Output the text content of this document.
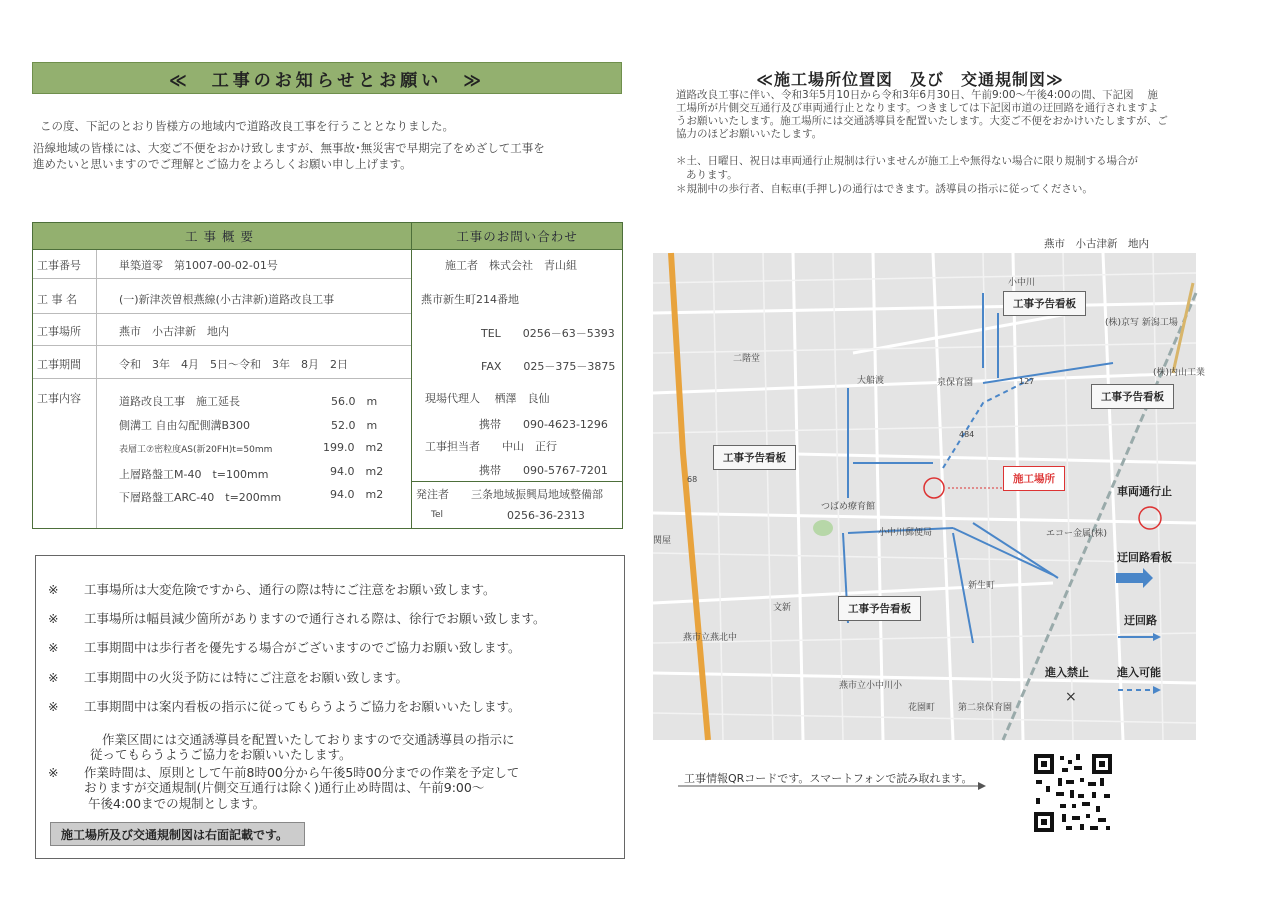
≪　工事のお知らせとお願い　≫
この度、下記のとおり皆様方の地域内で道路改良工事を行うこととなりました。
沿線地域の皆様には、大変ご不便をおかけ致しますが、無事故･無災害で早期完了をめざして工事を
進めたいと思いますのでご理解とご協力をよろしくお願い申し上げます。
工事概要	工事のお問い合わせ
工事番号	単築道零　第1007-00-02-01号
工 事 名	(一)新津茨曽根燕線(小古津新)道路改良工事
工事場所	燕市　小古津新　地内
工事期間	令和　3年　4月　5日～令和　3年　8月　2日
工事内容	道路改良工事　施工延長	56.0　m
側溝工 自由勾配側溝B300	52.0　m
表層工⑦密粒度AS(新20FH)t=50mm	199.0　m2
上層路盤工M-40　t=100mm	94.0　m2
下層路盤工ARC-40　t=200mm	94.0　m2
施工者　株式会社　青山組
燕市新生町214番地
TEL　　0256－63－5393
FAX　　025－375－3875
現場代理人　 栖澤　良仙
携帯　　090-4623-1296
工事担当者　　中山　正行
携帯　　090-5767-7201
発注者　　三条地域振興局地域整備部
Tel	0256-36-2313
※ 工事場所は大変危険ですから、通行の際は特にご注意をお願い致します。
※ 工事場所は幅員減少箇所がありますので通行される際は、徐行でお願い致します。
※ 工事期間中は歩行者を優先する場合がございますのでご協力お願い致します。
※ 工事期間中の火災予防には特にご注意をお願い致します。
※ 工事期間中は案内看板の指示に従ってもらうようご協力をお願いいたします。
作業区間には交通誘導員を配置いたしておりますので交通誘導員の指示に
従ってもらうようご協力をお願いいたします。
※ 作業時間は、原則として午前8時00分から午後5時00分までの作業を予定して
おりますが交通規制(片側交互通行は除く)通行止め時間は、午前9:00～
午後4:00までの規制とします。
施工場所及び交通規制図は右面記載です。
≪施工場所位置図　及び　交通規制図≫
道路改良工事に伴い、令和3年5月10日から令和3年6月30日、午前9:00～午後4:00の間、下記図　 施
工場所が片側交互通行及び車両通行止となります。つきましては下記図市道の迂回路を通行されますよ
うお願いいたします。施工場所には交通誘導員を配置いたします。大変ご不便をおかけいたしますが、ご
協力のほどお願いいたします。
＊土、日曜日、祝日は車両通行止規制は行いませんが施工上や無得ない場合に限り規制する場合が
あります。
＊規制中の歩行者、自転車(手押し)の通行はできます。誘導員の指示に従ってください。
燕市　小古津新　地内
×
工事予告看板
工事予告看板
工事予告看板
工事予告看板
施工場所
つばめ療育館
小中川郵便局	エコー金属(株)
(株)京写 新潟工場
泉保育園
燕市立燕北中
燕市立小中川小
第二泉保育園
新生町
花園町
文新
大船渡
二階堂
小中川
(株)内山工業
関屋
484
127
68
車両通行止
迂回路看板
迂回路
進入禁止	進入可能
工事情報QRコードです。スマートフォンで読み取れます。
